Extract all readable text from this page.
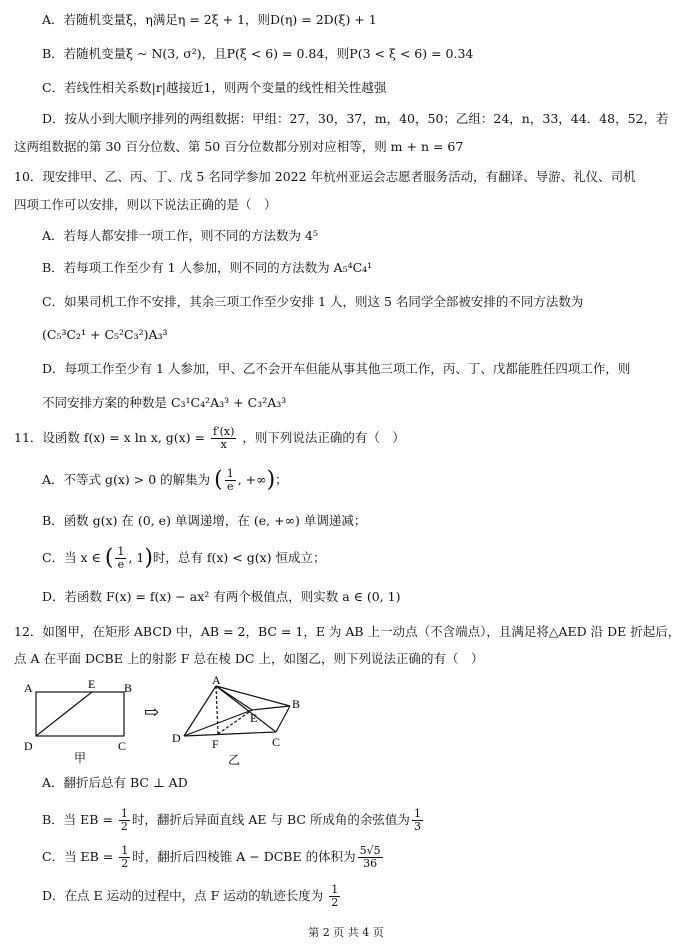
A．若随机变量ξ，η满足η = 2ξ + 1，则D(η) = 2D(ξ) + 1
B．若随机变量ξ ~ N(3, σ²)，且P(ξ < 6) = 0.84，则P(3 < ξ < 6) = 0.34
C．若线性相关系数|r|越接近1，则两个变量的线性相关性越强
D．按从小到大顺序排列的两组数据：甲组：27，30，37，m，40，50；乙组：24，n，33，44．48，52，若
这两组数据的第 30 百分位数、第 50 百分位数都分别对应相等，则 m + n = 67
10．现安排甲、乙、丙、丁、戊 5 名同学参加 2022 年杭州亚运会志愿者服务活动，有翻译、导游、礼仪、司机
四项工作可以安排，则以下说法正确的是（　）
A．若每人都安排一项工作，则不同的方法数为 4⁵
B．若每项工作至少有 1 人参加，则不同的方法数为 A₅⁴C₄¹
C．如果司机工作不安排，其余三项工作至少安排 1 人，则这 5 名同学全部被安排的不同方法数为
(C₅³C₂¹ + C₅²C₃²)A₃³
D．每项工作至少有 1 人参加，甲、乙不会开车但能从事其他三项工作，丙、丁、戊都能胜任四项工作，则
不同安排方案的种数是 C₃¹C₄²A₃³ + C₃²A₃³
11．设函数 f(x) = x ln x, $g(x) = \frac{f'(x)}{x}$ ，则下列说法正确的有（　）
A．不等式 g(x) > 0 的解集为 ( $\frac{1}{e}$ , +∞)；
B．函数 g(x) 在 (0, e) 单调递增，在 (e, +∞) 单调递减；
C．当 x ∈ ( $\frac{1}{e}$ , 1)时，总有 f(x) < g(x) 恒成立；
D．若函数 F(x) = f(x) − ax² 有两个极值点，则实数 a ∈ (0, 1)
12．如图甲，在矩形 ABCD 中，AB = 2，BC = 1，E 为 AB 上一动点（不含端点），且满足将△AED 沿 DE 折起后，
点 A 在平面 DCBE 上的射影 F 总在棱 DC 上，如图乙，则下列说法正确的有（　）
A	E B
D	C
甲
⇨
A
E
B
D	F	C
乙
A．翻折后总有 BC ⊥ AD
B．当 EB = $\frac{1}{2}$ 时，翻折后异面直线 AE 与 BC 所成角的余弦值为 $\frac{1}{3}$
C．当 EB = $\frac{1}{2}$ 时，翻折后四棱锥 A − DCBE 的体积为 $\frac{5√5}{36}$
D．在点 E 运动的过程中，点 F 运动的轨迹长度为 $\frac{1}{2}$
第 2 页 共 4 页
